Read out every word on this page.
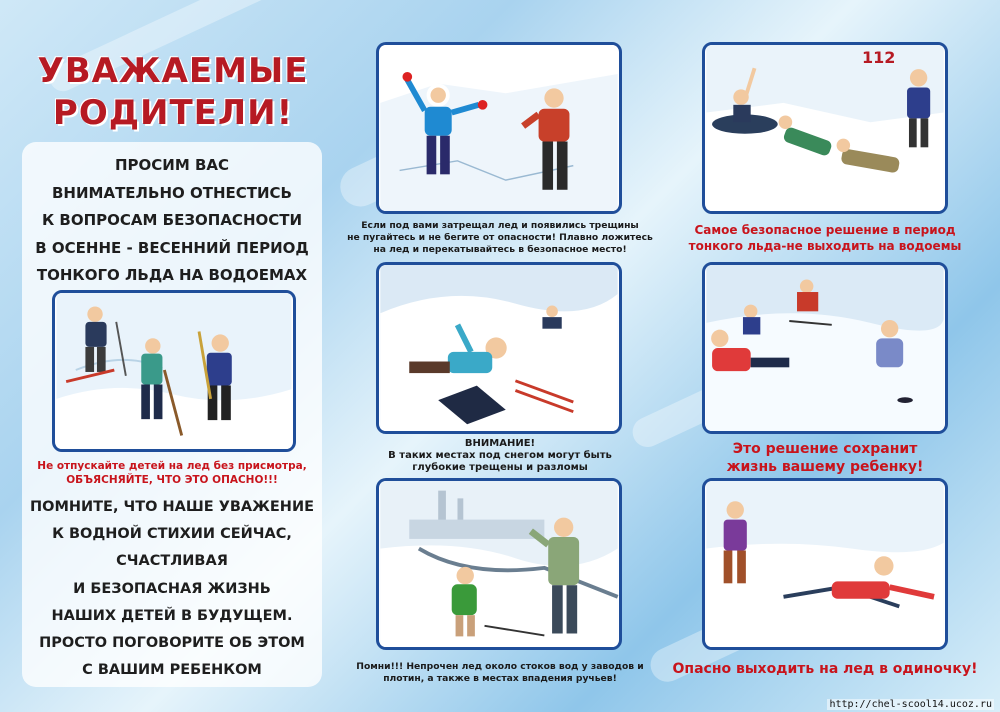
УВАЖАЕМЫЕ РОДИТЕЛИ!
ПРОСИМ ВАС
ВНИМАТЕЛЬНО ОТНЕСТИСЬ
К ВОПРОСАМ БЕЗОПАСНОСТИ
В ОСЕННЕ - ВЕСЕННИЙ ПЕРИОД
ТОНКОГО ЛЬДА НА ВОДОЕМАХ
Не отпускайте детей на лед без присмотра,
ОБЪЯСНЯЙТЕ, ЧТО ЭТО ОПАСНО!!!
ПОМНИТЕ, ЧТО НАШЕ УВАЖЕНИЕ
К ВОДНОЙ СТИХИИ СЕЙЧАС,
СЧАСТЛИВАЯ
И БЕЗОПАСНАЯ ЖИЗНЬ
НАШИХ ДЕТЕЙ В БУДУЩЕМ.
ПРОСТО ПОГОВОРИТЕ ОБ ЭТОМ
С ВАШИМ РЕБЕНКОМ
Если под вами затрещал лед и появились трещины
не пугайтесь и не бегите от опасности! Плавно ложитесь
на лед и перекатывайтесь в безопасное место!
ВНИМАНИЕ!
В таких местах под снегом могут быть
глубокие трещены и разломы
Помни!!! Непрочен лед около стоков вод у заводов и
плотин, а также в местах впадения ручьев!
112
Самое безопасное решение в период
тонкого льда-не выходить на водоемы
Это решение сохранит
жизнь вашему ребенку!
Опасно выходить на лед в одиночку!
http://chel-scool14.ucoz.ru
